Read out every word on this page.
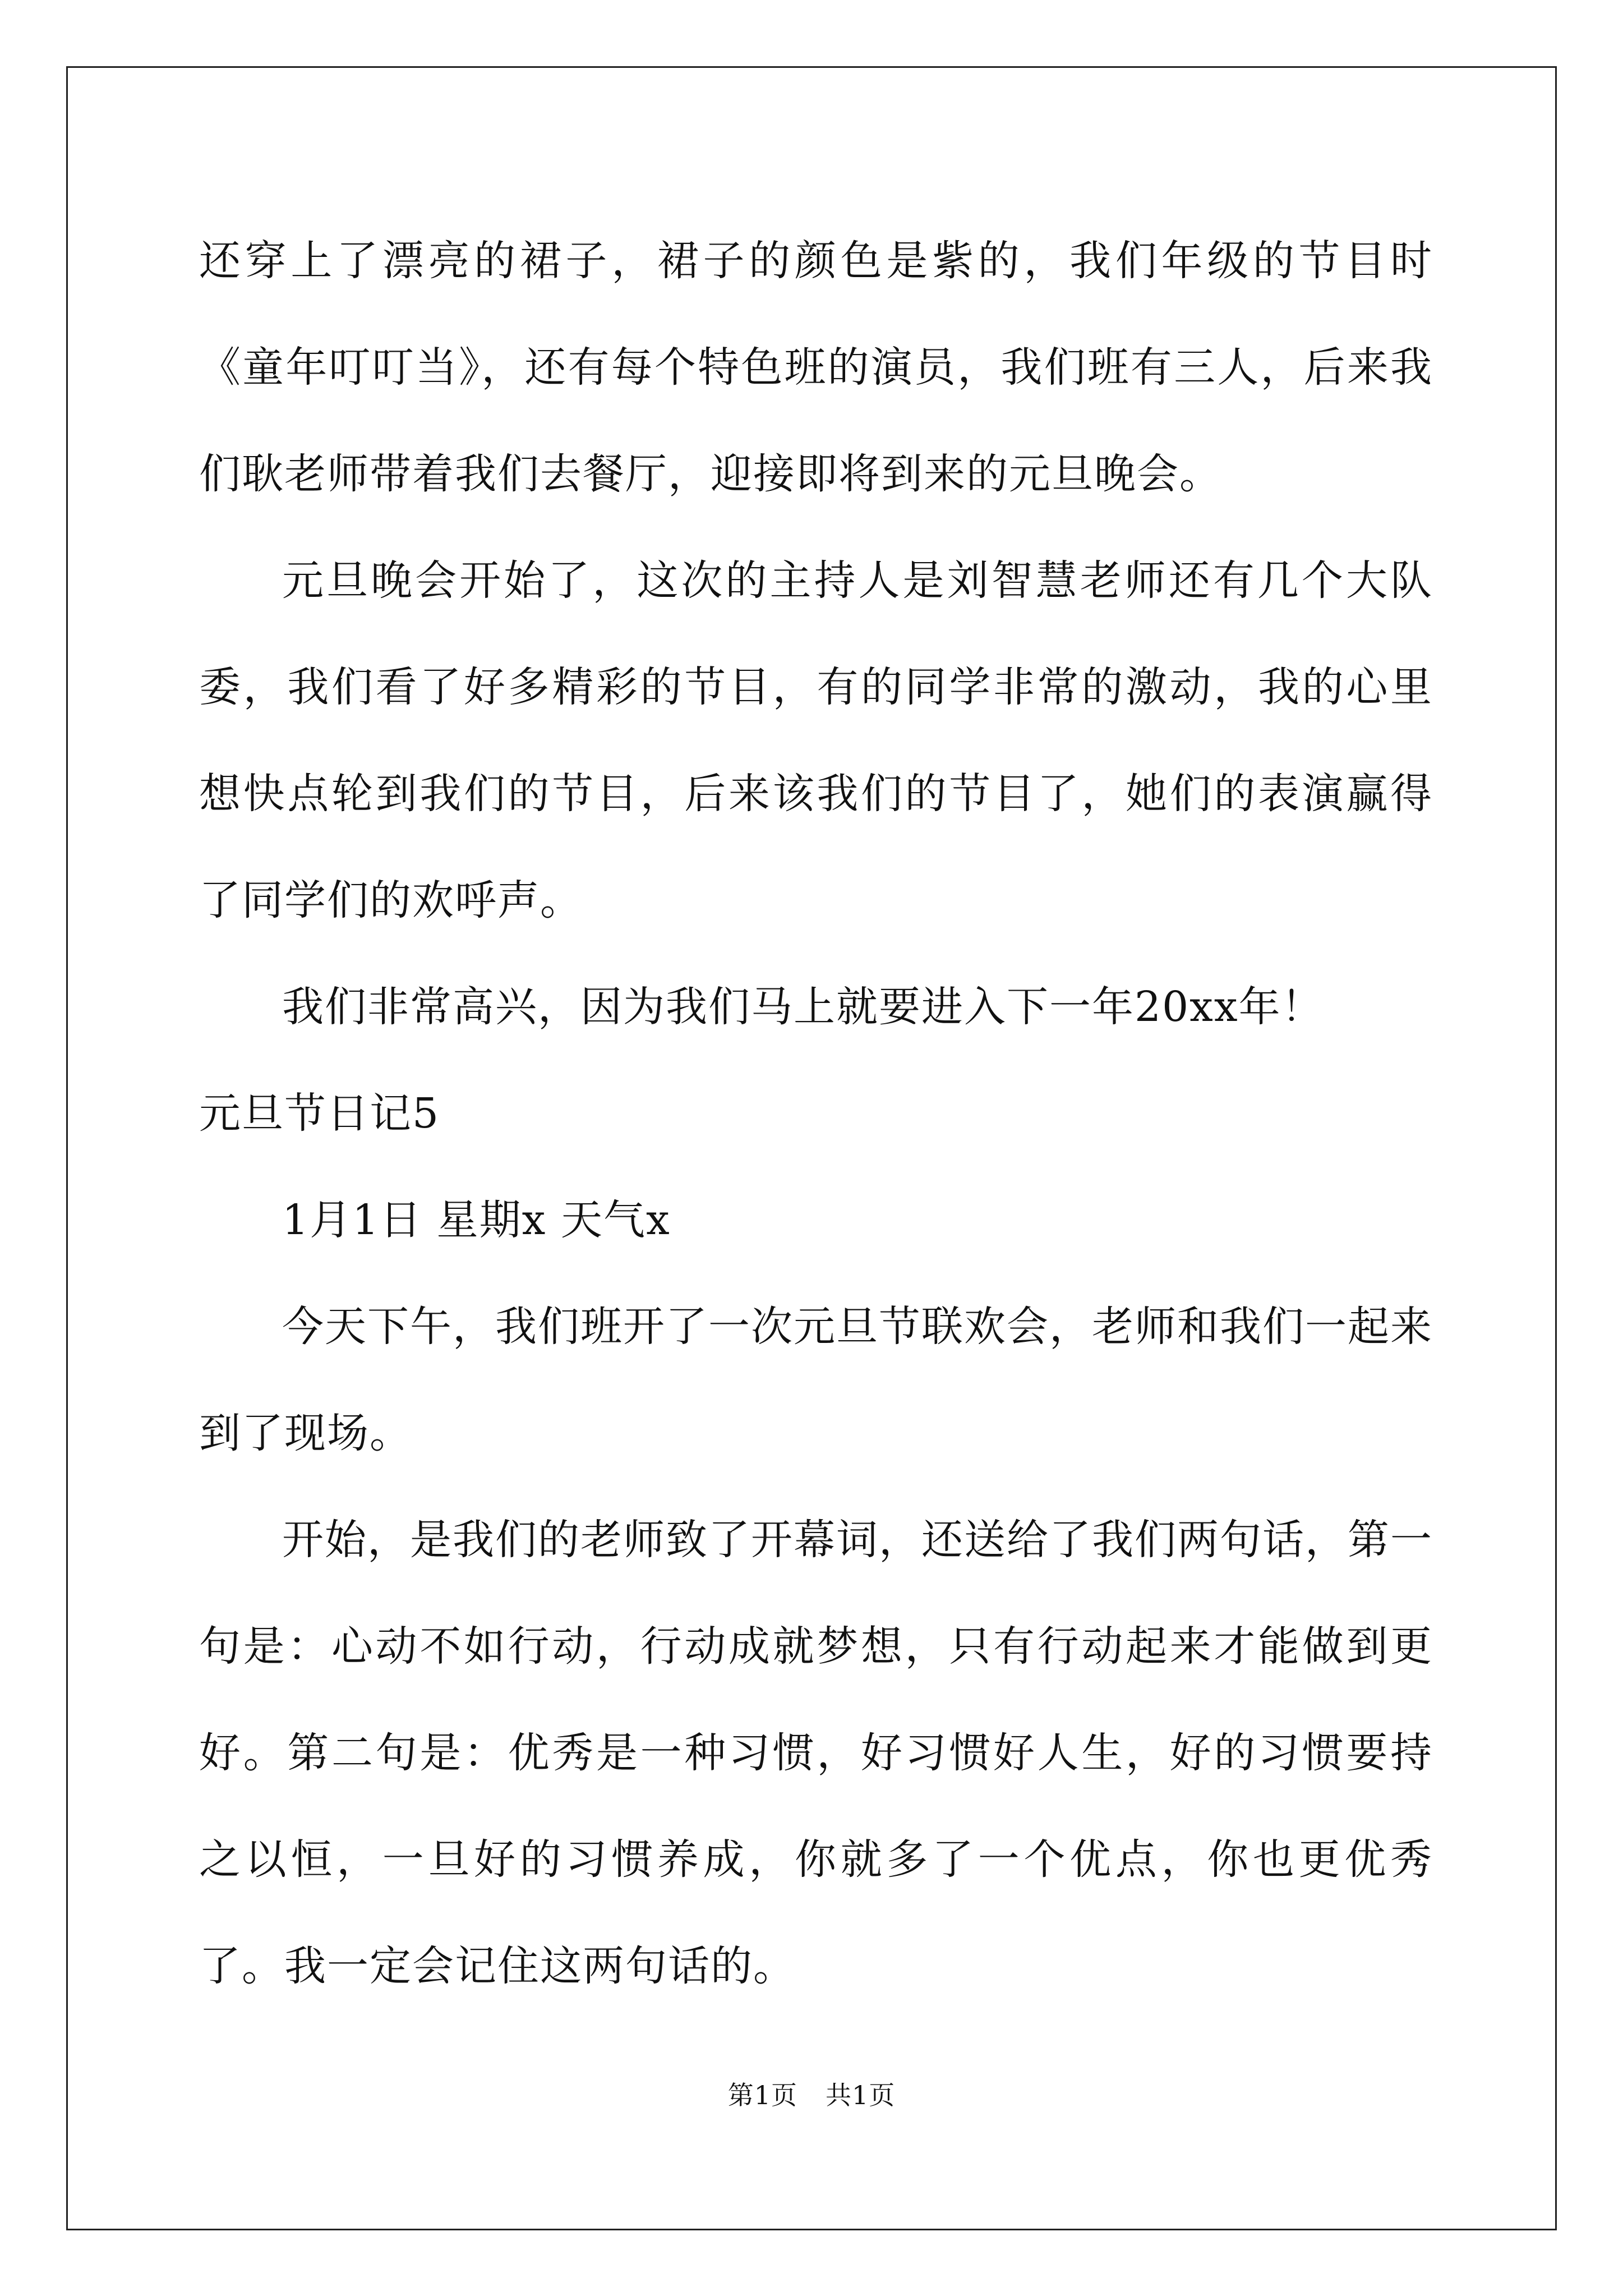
还穿上了漂亮的裙子，裙子的颜色是紫的，我们年级的节目时《童年叮叮当》，还有每个特色班的演员，我们班有三人，后来我们耿老师带着我们去餐厅，迎接即将到来的元旦晚会。

元旦晚会开始了，这次的主持人是刘智慧老师还有几个大队委，我们看了好多精彩的节目，有的同学非常的激动，我的心里想快点轮到我们的节目，后来该我们的节目了，她们的表演赢得了同学们的欢呼声。

我们非常高兴，因为我们马上就要进入下一年20xx年！

元旦节日记5

1月1日 星期x 天气x

今天下午，我们班开了一次元旦节联欢会，老师和我们一起来到了现场。

开始，是我们的老师致了开幕词，还送给了我们两句话，第一句是：心动不如行动，行动成就梦想，只有行动起来才能做到更好。第二句是：优秀是一种习惯，好习惯好人生，好的习惯要持之以恒，一旦好的习惯养成，你就多了一个优点，你也更优秀了。我一定会记住这两句话的。

第1页 共1页
